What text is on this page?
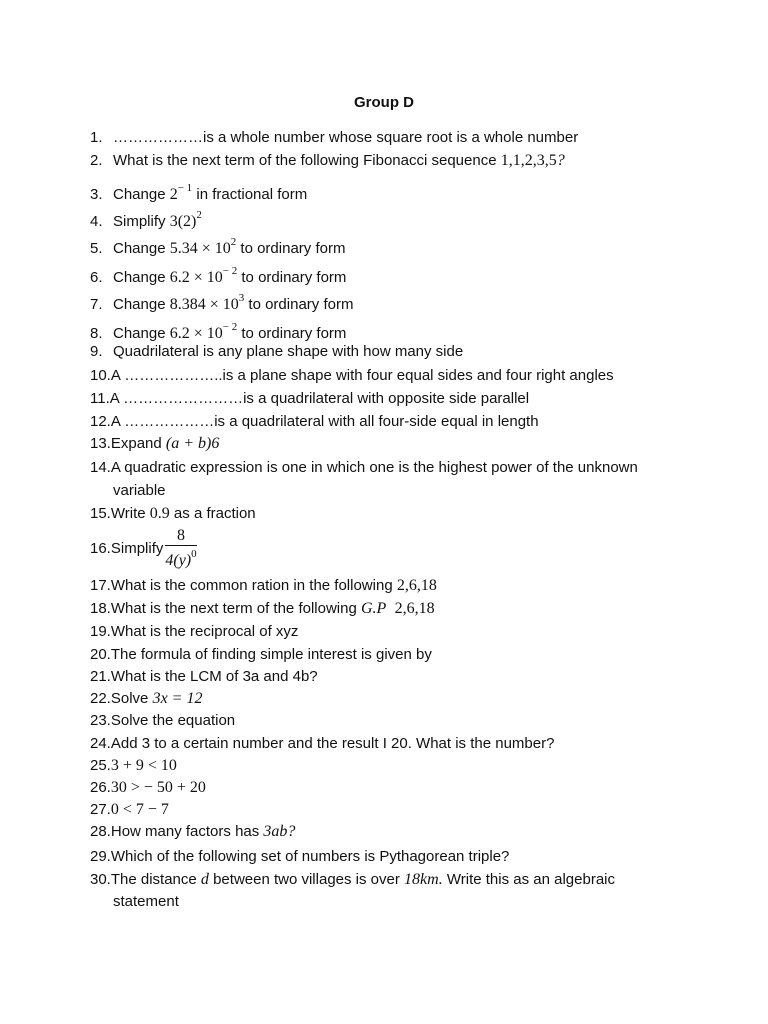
Group D
1. ………………is a whole number whose square root is a whole number
2. What is the next term of the following Fibonacci sequence 1,1,2,3,5?
3. Change $2^{- 1}$ in fractional form
4. Simplify $3(2)^2$
5. Change $5.34 \times 10^2$ to ordinary form
6. Change $6.2 \times 10^{- 2}$ to ordinary form
7. Change $8.384 \times 10^3$ to ordinary form
8. Change $6.2 \times 10^{- 2}$ to ordinary form
9. Quadrilateral is any plane shape with how many side
10.A ………………..is a plane shape with four equal sides and four right angles
11.A ……………………is a quadrilateral with opposite side parallel
12.A ………………is a quadrilateral with all four-side equal in length
13.Expand (a + b)6
14.A quadratic expression is one in which one is the highest power of the unknown
variable
15.Write 0.9 as a fraction
16.Simplify $\frac{8}{4(y)^0}$
17.What is the common ration in the following 2,6,18
18.What is the next term of the following G.P 2,6,18
19.What is the reciprocal of xyz
20.The formula of finding simple interest is given by
21.What is the LCM of 3a and 4b?
22.Solve 3x = 12
23.Solve the equation
24.Add 3 to a certain number and the result I 20. What is the number?
25.3 + 9 < 10
26.30 > − 50 + 20
27.0 < 7 − 7
28.How many factors has 3ab?
29.Which of the following set of numbers is Pythagorean triple?
30.The distance d between two villages is over 18km. Write this as an algebraic
statement
